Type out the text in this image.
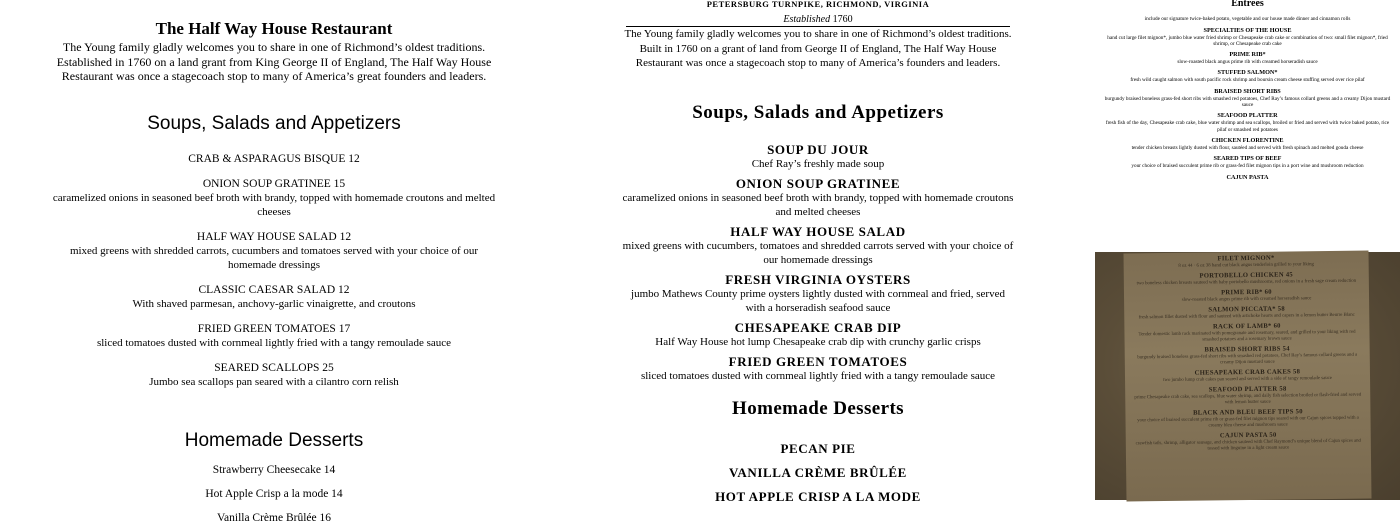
The Half Way House Restaurant
The Young family gladly welcomes you to share in one of Richmond’s oldest traditions. Established in 1760 on a land grant from King George II of England, The Half Way House Restaurant was once a stagecoach stop to many of America’s great founders and leaders.
Soups, Salads and Appetizers
CRAB & ASPARAGUS BISQUE 12
ONION SOUP GRATINEE 15
caramelized onions in seasoned beef broth with brandy, topped with homemade croutons and melted cheeses
HALF WAY HOUSE SALAD 12
mixed greens with shredded carrots, cucumbers and tomatoes served with your choice of our homemade dressings
CLASSIC CAESAR SALAD 12
With shaved parmesan, anchovy-garlic vinaigrette, and croutons
FRIED GREEN TOMATOES 17
sliced tomatoes dusted with cornmeal lightly fried with a tangy remoulade sauce
SEARED SCALLOPS 25
Jumbo sea scallops pan seared with a cilantro corn relish
Homemade Desserts
Strawberry Cheesecake 14
Hot Apple Crisp a la mode 14
Vanilla Crème Brûlée 16
PETERSBURG TURNPIKE, RICHMOND, VIRGINIA
Established 1760
The Young family gladly welcomes you to share in one of Richmond’s oldest traditions. Built in 1760 on a grant of land from George II of England, The Half Way House Restaurant was once a stagecoach stop to many of America’s founders and leaders.
Soups, Salads and Appetizers
SOUP DU JOUR
Chef Ray’s freshly made soup
ONION SOUP GRATINEE
caramelized onions in seasoned beef broth with brandy, topped with homemade croutons and melted cheeses
HALF WAY HOUSE SALAD
mixed greens with cucumbers, tomatoes and shredded carrots served with your choice of our homemade dressings
FRESH VIRGINIA OYSTERS
jumbo Mathews County prime oysters lightly dusted with cornmeal and fried, served with a horseradish seafood sauce
CHESAPEAKE CRAB DIP
Half Way House hot lump Chesapeake crab dip with crunchy garlic crisps
FRIED GREEN TOMATOES
sliced tomatoes dusted with cornmeal lightly fried with a tangy remoulade sauce
Homemade Desserts
PECAN PIE
VANILLA CRÈME BRÛLÉE
HOT APPLE CRISP A LA MODE
Entrees
include our signature twice-baked potato, vegetable and our house made dinner and cinnamon rolls
SPECIALTIES OF THE HOUSE
hand cut large filet mignon*, jumbo blue water fried shrimp or Chesapeake crab cake or combination of two: small filet mignon*, fried shrimp, or Chesapeake crab cake
PRIME RIB*
slow-roasted black angus prime rib with creamed horseradish sauce
STUFFED SALMON*
fresh wild caught salmon with south pacific rock shrimp and boursin cream cheese stuffing served over rice pilaf
BRAISED SHORT RIBS
burgundy braised boneless grass-fed short ribs with smashed red potatoes, Chef Ray’s famous collard greens and a creamy Dijon mustard sauce
SEAFOOD PLATTER
fresh fish of the day, Chesapeake crab cake, blue water shrimp and sea scallops, broiled or fried and served with twice baked potato, rice pilaf or smashed red potatoes
CHICKEN FLORENTINE
tender chicken breasts lightly dusted with flour, sautéed and served with fresh spinach and melted gouda cheese
SEARED TIPS OF BEEF
your choice of braised succulent prime rib or grass-fed filet mignon tips in a port wine and mushroom reduction
CAJUN PASTA
FILET MIGNON*
8 oz 44 · 6 oz 38 hand cut black angus tenderloin grilled to your liking
PORTOBELLO CHICKEN 45
two boneless chicken breasts sauteed with baby portobello mushrooms, red onions in a fresh sage cream reduction
PRIME RIB* 60
slow-roasted black angus prime rib with creamed horseradish sauce
SALMON PICCATA* 58
fresh salmon fillet dusted with flour and sauteed with artichoke hearts and capers in a lemon butter Beurre Blanc
RACK OF LAMB* 60
Tender domestic lamb rack marinated with pomegranate and rosemary, seared, and grilled to your liking with red smashed potatoes and a rosemary brown sauce
BRAISED SHORT RIBS 54
burgundy braised boneless grass-fed short ribs with smashed red potatoes, Chef Ray’s famous collard greens and a creamy Dijon mustard sauce
CHESAPEAKE CRAB CAKES 58
two jumbo lump crab cakes pan seared and served with a side of tangy remoulade sauce
SEAFOOD PLATTER 58
prime Chesapeake crab cake, sea scallops, blue water shrimp, and daily fish selection broiled or flash-fried and served with lemon butter sauce
BLACK AND BLEU BEEF TIPS 50
your choice of braised succulent prime rib or grass-fed filet mignon tips seared with our Cajun spices topped with a creamy bleu cheese and mushroom sauce
CAJUN PASTA 50
crawfish tails, shrimp, alligator sausage, and chicken sauteed with Chef Raymond’s unique blend of Cajun spices and tossed with linguine in a light cream sauce
